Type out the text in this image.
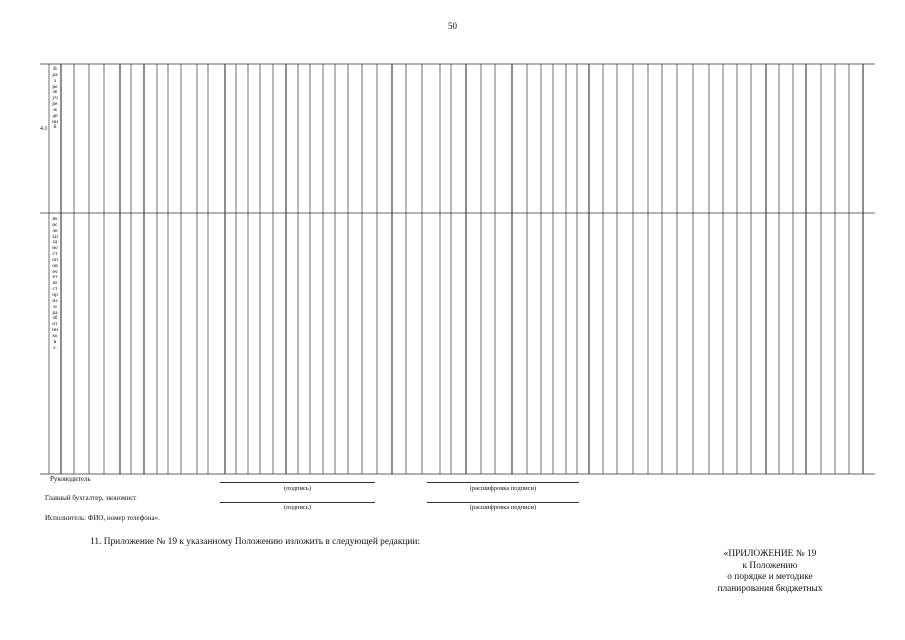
50
4.1
Враз резе учреждений
вчисле хищностоповечетатсторизмразботниковs.
Руководитель
(подпись)	(расшифровка подписи)
Главный бухгалтер, экономист
(подпись)	(расшифровка подписи)
Исполнитель: ФИО, номер телефона».
11. Приложение № 19 к указанному Положению изложить в следующей редакции:
«ПРИЛОЖЕНИЕ № 19
к Положению
о порядке и методике
планирования бюджетных
